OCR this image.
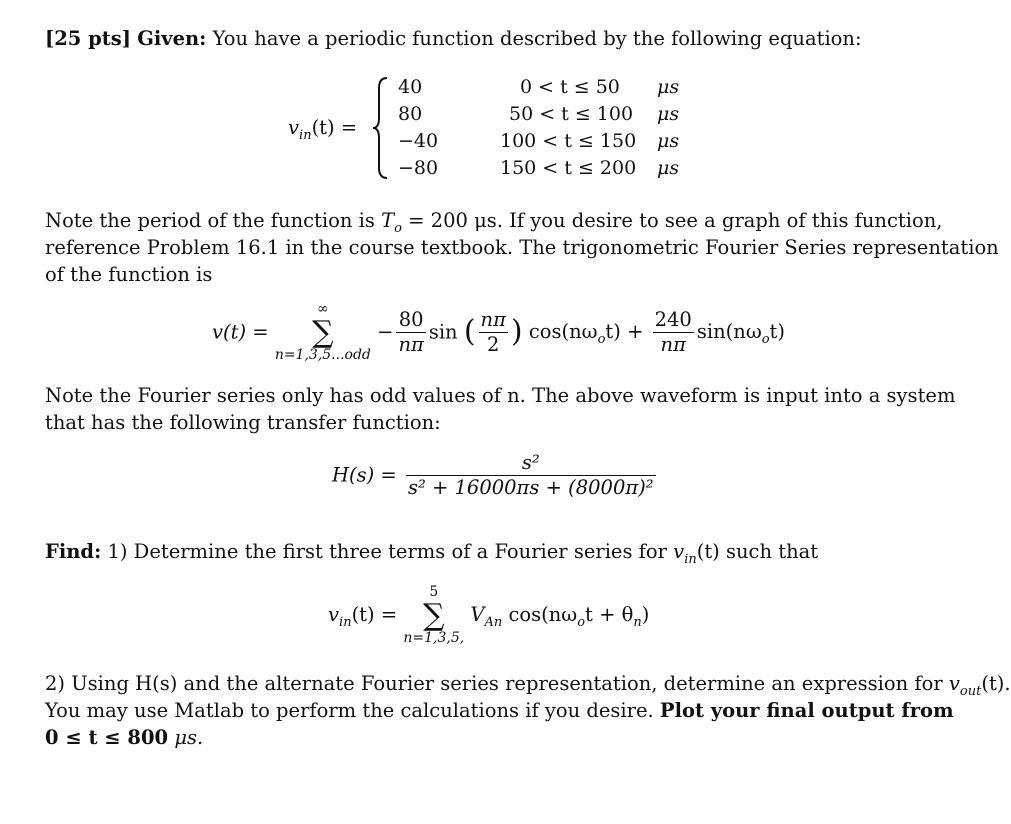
[25 pts] Given: You have a periodic function described by the following equation:
$v_{in}(t)$ =
40	0 < t ≤ 50 μs
80	50 < t ≤ 100 μs
−40	100 < t ≤ 150 μs
−80	150 < t ≤ 200 μs
Note the period of the function is $T_o = 200$ μs. If you desire to see a graph of this function,
reference Problem 16.1 in the course textbook. The trigonometric Fourier Series representation
of the function is
v(t) =
∞
∑
n=1,3,5...odd
− $\frac{80}{n\pi}$ sin ( $\frac{n\pi}{2}$ ) $\cos(n\omega_ot) + \frac{240}{n\pi} \sin(n\omega_ot)$
Note the Fourier series only has odd values of n. The above waveform is input into a system
that has the following transfer function:
$H(s) = \frac{\text{s²}}{\text{s² + 16000πs + (8000π)²}}$
Find: 1) Determine the first three terms of a Fourier series for $v_{in}(t)$ such that
$v_{in}(t)$ =
5
∑
n=1,3,5,
$V_{An}$ $\cos(n\omega_ot + \theta_n)$
2) Using H(s) and the alternate Fourier series representation, determine an expression for $v_{out}(t)$.
You may use Matlab to perform the calculations if you desire. Plot your final output from
0 ≤ t ≤ 800 μs.
